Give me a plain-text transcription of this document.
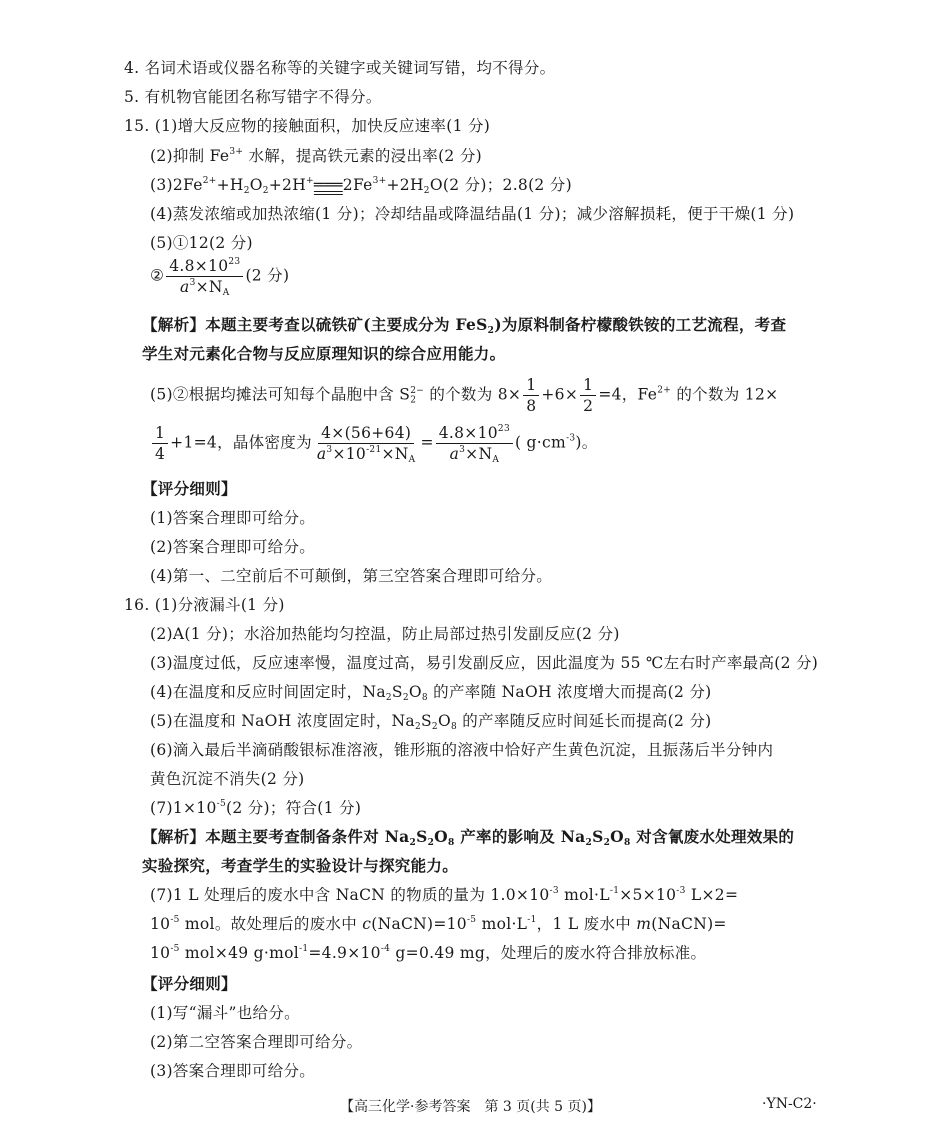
4. 名词术语或仪器名称等的关键字或关键词写错，均不得分。
5. 有机物官能团名称写错字不得分。
15. (1)增大反应物的接触面积，加快反应速率(1 分)
(2)抑制 $Fe^{3+}$ 水解，提高铁元素的浸出率(2 分)
$(3)2Fe^{2+}+H_2O_2+2H^+═══2Fe^{3+}+2H_2O(2$ 分)；2.8(2 分)
(4)蒸发浓缩或加热浓缩(1 分)；冷却结晶或降温结晶(1 分)；减少溶解损耗，便于干燥(1 分)
(5)①12(2 分)
② $\frac{4.8\times 10^{23}}{a^3\times N_A} (2$ 分)
【解析】本题主要考查以硫铁矿(主要成分为 FeS$_2$)为原料制备柠檬酸铁铵的工艺流程，考查
学生对元素化合物与反应原理知识的综合应用能力。
(5)②根据均摊法可知每个晶胞中含 $S_2^{2-}$ 的个数为 $8\times \frac{1}{8} +6\times \frac{1}{2} =4$，$Fe^{2+}$ 的个数为 12×
$\frac{1}{4} +1=4$，晶体密度为 $\frac{4\times(56+64)}{a^3\times 10^{-21}\times N_A} = \frac{4.8\times 10^{23}}{a^3\times N_A}$ ( $g\cdot cm^{-3}$)。
【评分细则】
(1)答案合理即可给分。
(2)答案合理即可给分。
(4)第一、二空前后不可颠倒，第三空答案合理即可给分。
16. (1)分液漏斗(1 分)
(2)A(1 分)；水浴加热能均匀控温，防止局部过热引发副反应(2 分)
(3)温度过低，反应速率慢，温度过高，易引发副反应，因此温度为 55 ℃左右时产率最高(2 分)
(4)在温度和反应时间固定时，$Na_2S_2O_8$ 的产率随 NaOH 浓度增大而提高(2 分)
(5)在温度和 NaOH 浓度固定时，$Na_2S_2O_8$ 的产率随反应时间延长而提高(2 分)
(6)滴入最后半滴硝酸银标准溶液，锥形瓶的溶液中恰好产生黄色沉淀，且振荡后半分钟内
黄色沉淀不消失(2 分)
$(7)1\times 10^{-5}(2$ 分)；符合(1 分)
【解析】本题主要考查制备条件对 $Na_2S_2O_8$ 产率的影响及 $Na_2S_2O_8$ 对含氰废水处理效果的
实验探究，考查学生的实验设计与探究能力。
(7)1 L 处理后的废水中含 NaCN 的物质的量为 $1.0\times 10^{-3}$ $mol\cdot L^{-1}\times 5\times 10^{-3}$ L×2=
$10^{-5}$ mol。故处理后的废水中 $c(NaCN)=10^{-5}$ $mol\cdot L^{-1}$，1 L 废水中 m(NaCN)=
$10^{-5}$ mol×49 $g\cdot mol^{-1}=4.9\times 10^{-4}$ g=0.49 mg，处理后的废水符合排放标准。
【评分细则】
(1)写“漏斗”也给分。
(2)第二空答案合理即可给分。
(3)答案合理即可给分。
【高三化学·参考答案　第 3 页(共 5 页)】	·YN-C2·
